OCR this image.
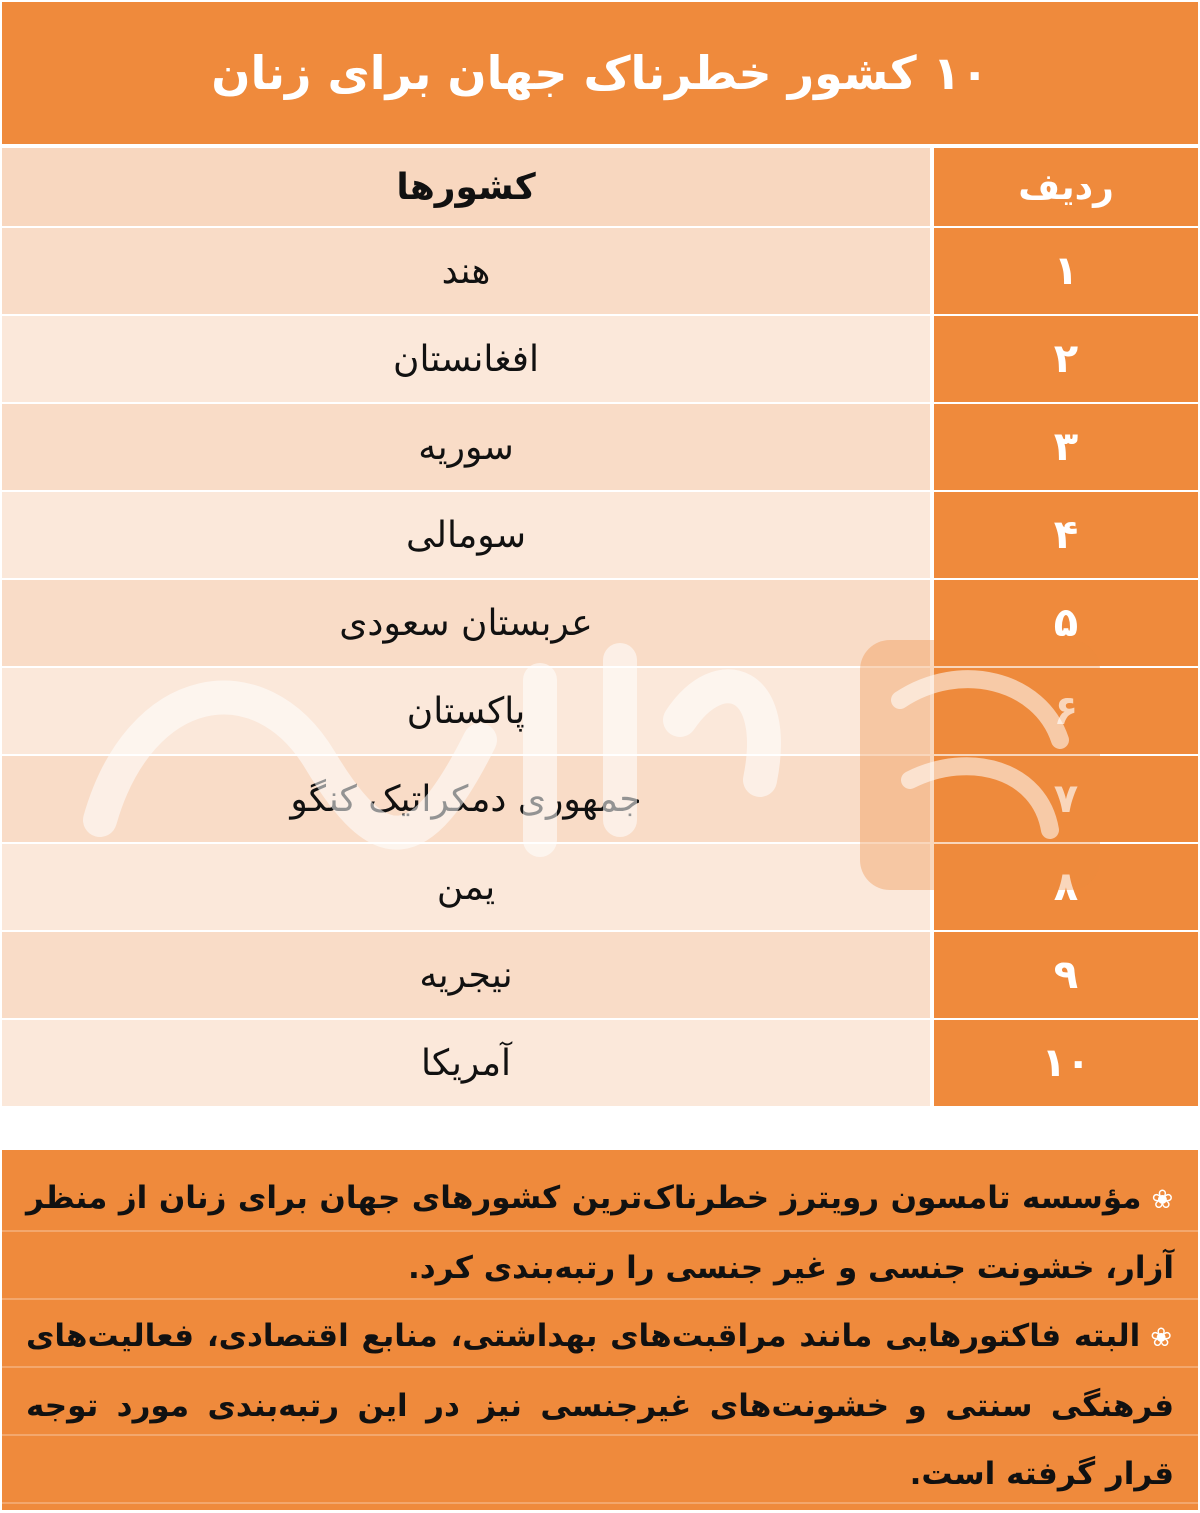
۱۰ کشور خطرناک جهان برای زنان
ردیف
کشورها
۱
هند
۲
افغانستان
۳
سوریه
۴
سومالی
۵
عربستان سعودی
۶
پاکستان
۷
جمهوری دمکراتیک کنگو
۸
یمن
۹
نیجریه
۱۰
آمریکا

❀مؤسسه تامسون رویترز خطرناک‌ترین کشورهای جهان برای زنان از منظر آزار، خشونت جنسی و غیر جنسی را رتبه‌بندی کرد.

❀البته فاکتورهایی مانند مراقبت‌های بهداشتی، منابع اقتصادی، فعالیت‌های فرهنگی سنتی و خشونت‌های غیرجنسی نیز در این رتبه‌بندی مورد توجه قرار گرفته است.
